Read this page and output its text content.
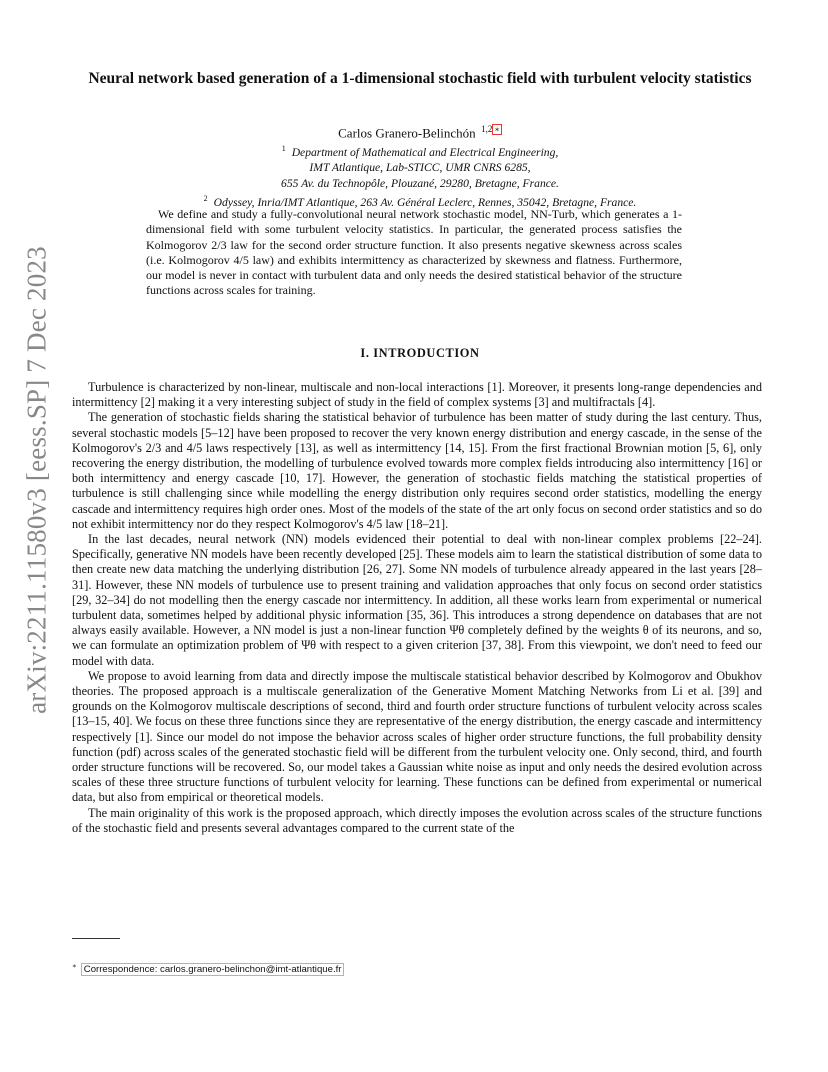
arXiv:2211.11580v3 [eess.SP] 7 Dec 2023
Neural network based generation of a 1-dimensional stochastic field with turbulent velocity statistics
Carlos Granero-Belinchón $^{1,2 ∗}$
$^1$ Department of Mathematical and Electrical Engineering,
IMT Atlantique, Lab-STICC, UMR CNRS 6285,
655 Av. du Technopôle, Plouzané, 29280, Bretagne, France.
$^2$ Odyssey, Inria/IMT Atlantique, 263 Av. Général Leclerc, Rennes, 35042, Bretagne, France.
We define and study a fully-convolutional neural network stochastic model, NN-Turb, which generates a 1-dimensional field with some turbulent velocity statistics. In particular, the generated process satisfies the Kolmogorov 2/3 law for the second order structure function. It also presents negative skewness across scales (i.e. Kolmogorov 4/5 law) and exhibits intermittency as characterized by skewness and flatness. Furthermore, our model is never in contact with turbulent data and only needs the desired statistical behavior of the structure functions across scales for training.
I. INTRODUCTION

Turbulence is characterized by non-linear, multiscale and non-local interactions [1]. Moreover, it presents long-range dependencies and intermittency [2] making it a very interesting subject of study in the field of complex systems [3] and multifractals [4].

The generation of stochastic fields sharing the statistical behavior of turbulence has been matter of study during the last century. Thus, several stochastic models [5–12] have been proposed to recover the very known energy distribution and energy cascade, in the sense of the Kolmogorov's 2/3 and 4/5 laws respectively [13], as well as intermittency [14, 15]. From the first fractional Brownian motion [5, 6], only recovering the energy distribution, the modelling of turbulence evolved towards more complex fields introducing also intermittency [16] or both intermittency and energy cascade [10, 17]. However, the generation of stochastic fields matching the statistical properties of turbulence is still challenging since while modelling the energy distribution only requires second order statistics, modelling the energy cascade and intermittency requires high order ones. Most of the models of the state of the art only focus on second order statistics and so do not exhibit intermittency nor do they respect Kolmogorov's 4/5 law [18–21].

In the last decades, neural network (NN) models evidenced their potential to deal with non-linear complex problems [22–24]. Specifically, generative NN models have been recently developed [25]. These models aim to learn the statistical distribution of some data to then create new data matching the underlying distribution [26, 27]. Some NN models of turbulence already appeared in the last years [28–31]. However, these NN models of turbulence use to present training and validation approaches that only focus on second order statistics [29, 32–34] do not modelling then the energy cascade nor intermittency. In addition, all these works learn from experimental or numerical turbulent data, sometimes helped by additional physic information [35, 36]. This introduces a strong dependence on databases that are not always easily available. However, a NN model is just a non-linear function Ψθ completely defined by the weights θ of its neurons, and so, we can formulate an optimization problem of Ψθ with respect to a given criterion [37, 38]. From this viewpoint, we don't need to feed our model with data.

We propose to avoid learning from data and directly impose the multiscale statistical behavior described by Kolmogorov and Obukhov theories. The proposed approach is a multiscale generalization of the Generative Moment Matching Networks from Li et al. [39] and grounds on the Kolmogorov multiscale descriptions of second, third and fourth order structure functions of turbulent velocity across scales [13–15, 40]. We focus on these three functions since they are representative of the energy distribution, the energy cascade and intermittency respectively [1]. Since our model do not impose the behavior across scales of higher order structure functions, the full probability density function (pdf) across scales of the generated stochastic field will be different from the turbulent velocity one. Only second, third, and fourth order structure functions will be recovered. So, our model takes a Gaussian white noise as input and only needs the desired evolution across scales of these three structure functions of turbulent velocity for learning. These functions can be defined from experimental or numerical data, but also from empirical or theoretical models.

The main originality of this work is the proposed approach, which directly imposes the evolution across scales of the structure functions of the stochastic field and presents several advantages compared to the current state of the

∗ Correspondence: carlos.granero-belinchon@imt-atlantique.fr
